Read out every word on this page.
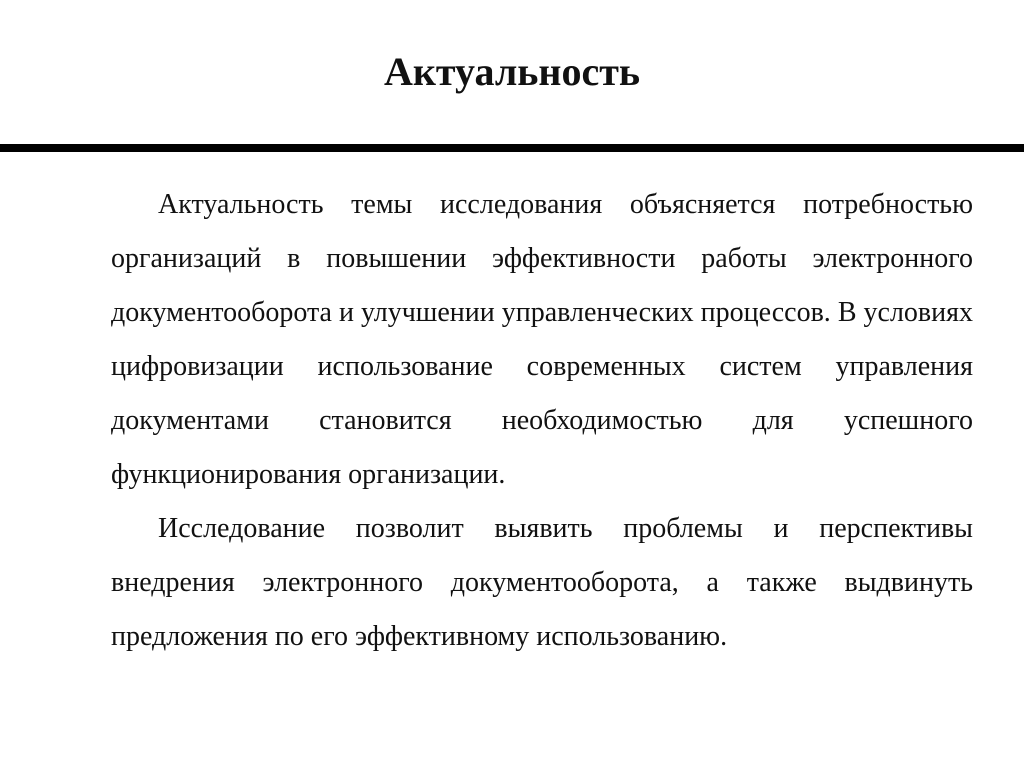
Актуальность

Актуальность темы исследования объясняется потребностью организаций в повышении эффективности работы электронного документооборота и улучшении управленческих процессов. В условиях цифровизации использование современных систем управления документами становится необходимостью для успешного функционирования организации.

Исследование позволит выявить проблемы и перспективы внедрения электронного документооборота, а также выдвинуть предложения по его эффективному использованию.
